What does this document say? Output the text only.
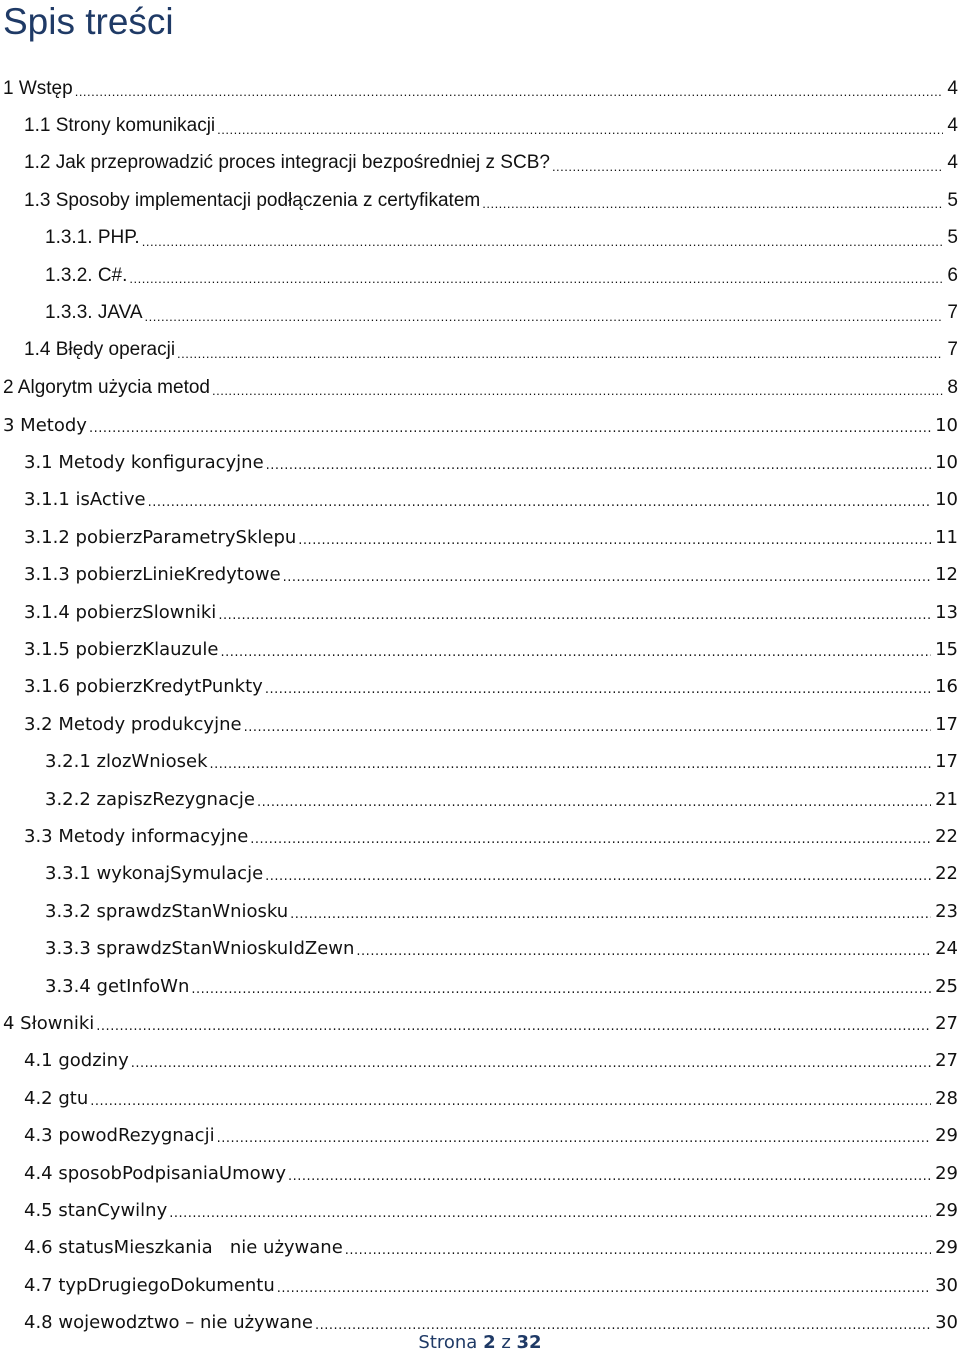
Spis treści
1 Wstęp .....	4
1.1 Strony komunikacji .....	4
1.2 Jak przeprowadzić proces integracji bezpośredniej z SCB? .....	4
1.3 Sposoby implementacji podłączenia z certyfikatem .....	5
1.3.1. PHP. .....	5
1.3.2. C#. .....	6
1.3.3. JAVA .....	7
1.4 Błędy operacji .....	7
2 Algorytm użycia metod .....	8
3 Metody .....	10
3.1 Metody konfiguracyjne .....	10
3.1.1 isActive .....	10
3.1.2 pobierzParametrySklepu .....	11
3.1.3 pobierzLinieKredytowe .....	12
3.1.4 pobierzSlowniki .....	13
3.1.5 pobierzKlauzule .....	15
3.1.6 pobierzKredytPunkty .....	16
3.2 Metody produkcyjne .....	17
3.2.1 zlozWniosek .....	17
3.2.2 zapiszRezygnacje .....	21
3.3 Metody informacyjne .....	22
3.3.1 wykonajSymulacje .....	22
3.3.2 sprawdzStanWniosku .....	23
3.3.3 sprawdzStanWnioskuIdZewn .....	24
3.3.4 getInfoWn .....	25
4 Słowniki .....	27
4.1 godziny .....	27
4.2 gtu .....	28
4.3 powodRezygnacji .....	29
4.4 sposobPodpisaniaUmowy .....	29
4.5 stanCywilny .....	29
4.6 statusMieszkania   nie używane .....	29
4.7 typDrugiegoDokumentu .....	30
4.8 wojewodztwo – nie używane .....	30
Strona 2 z 32
